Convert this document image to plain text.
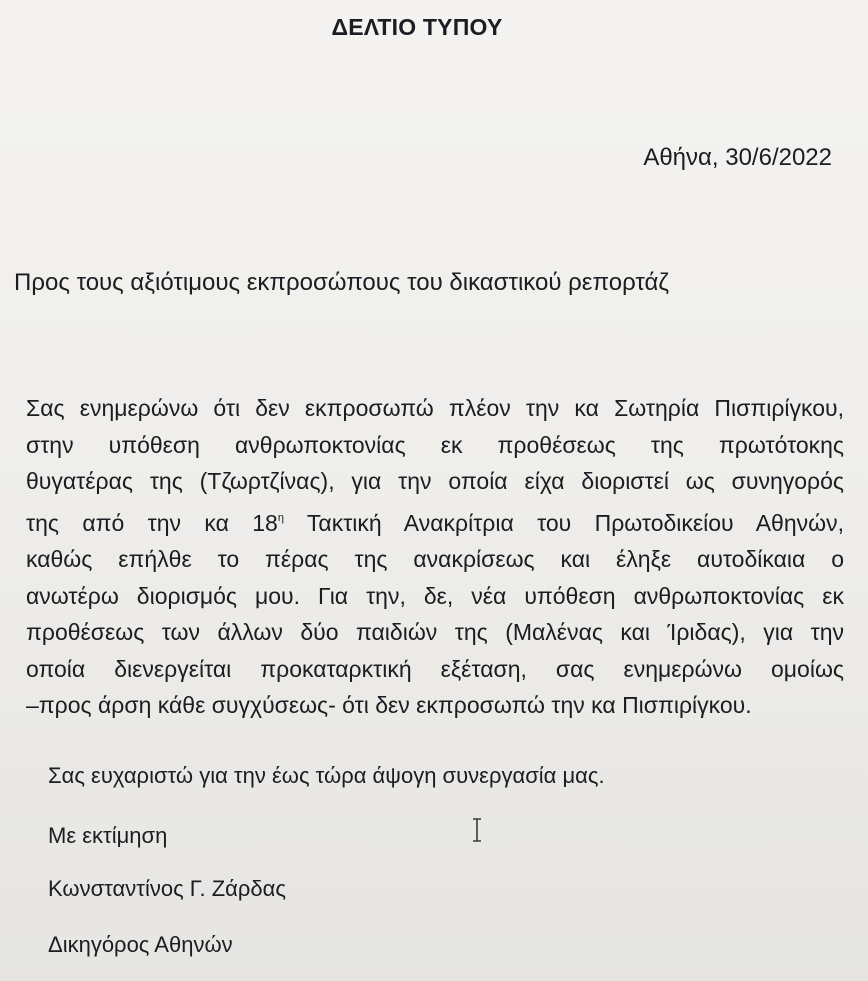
ΔΕΛΤΙΟ ΤΥΠΟΥ
Αθήνα, 30/6/2022
Προς τους αξιότιμους εκπροσώπους του δικαστικού ρεπορτάζ
Σας ενημερώνω ότι δεν εκπροσωπώ πλέον την κα Σωτηρία Πισπιρίγκου,
στην υπόθεση ανθρωποκτονίας εκ προθέσεως της πρωτότοκης
θυγατέρας της (Τζωρτζίνας), για την οποία είχα διοριστεί ως συνηγορός
της από την κα $18^\eta$ Τακτική Ανακρίτρια του Πρωτοδικείου Αθηνών,
καθώς επήλθε το πέρας της ανακρίσεως και έληξε αυτοδίκαια ο
ανωτέρω διορισμός μου. Για την, δε, νέα υπόθεση ανθρωποκτονίας εκ
προθέσεως των άλλων δύο παιδιών της (Μαλένας και Ίριδας), για την
οποία διενεργείται προκαταρκτική εξέταση, σας ενημερώνω ομοίως
–προς άρση κάθε συγχύσεως- ότι δεν εκπροσωπώ την κα Πισπιρίγκου.
Σας ευχαριστώ για την έως τώρα άψογη συνεργασία μας.
Με εκτίμηση
Κωνσταντίνος Γ. Ζάρδας
Δικηγόρος Αθηνών
